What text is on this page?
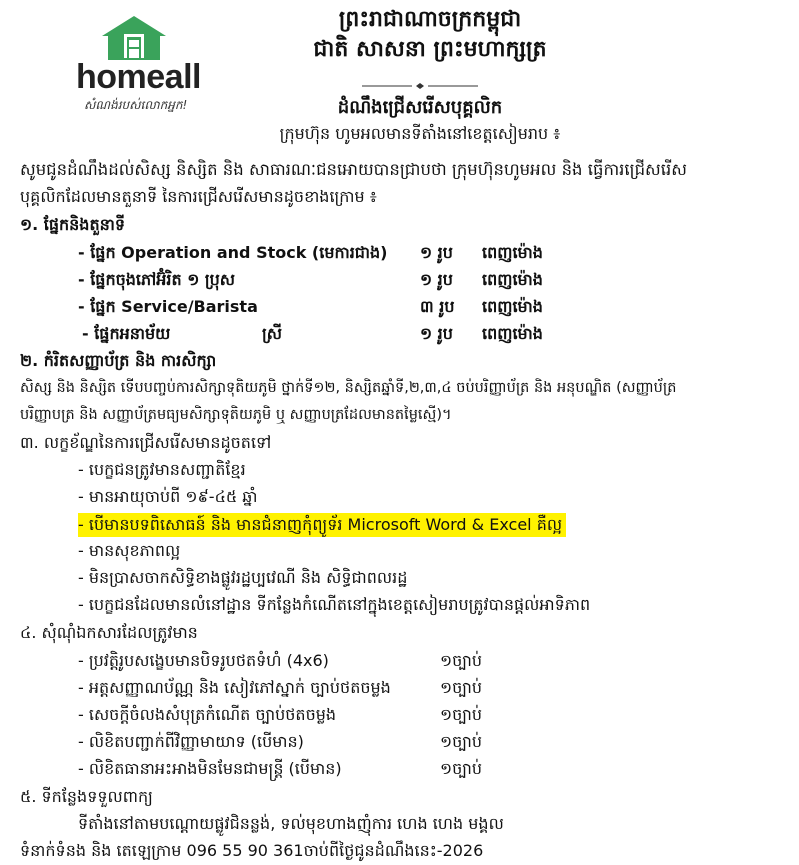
homeall
សំណង់របស់លោកអ្នក!
ព្រះរាជាណាចក្រកម្ពុជា
ជាតិ សាសនា ព្រះមហាក្សត្រ
ដំណឹងជ្រើសរើសបុគ្គលិក
ក្រុមហ៊ុន ហូមអលមានទីតាំងនៅខេត្តសៀមរាប ៖
សូមជូនដំណឹងដល់សិស្ស និស្សិត និង សាធារណៈជនអោយបានជ្រាបថា ក្រុមហ៊ុនហូមអល និង ធ្វើការជ្រើសរើស
បុគ្គលិកដែលមានតួនាទី នៃការជ្រើសរើសមានដូចខាងក្រោម ៖
១. ផ្នែកនិងតួនាទី
- ផ្នែក Operation and Stock (មេការជាង) ១ រូប ពេញម៉ោង
- ផ្នែកចុងភៅអ៊ំរិត ១ ប្រុស	១ រូប ពេញម៉ោង
- ផ្នែក Service/Barista	៣ រូប ពេញម៉ោង
- ផ្នែកអនាម័យ	ស្រី	១ រូប ពេញម៉ោង
២. កំរិតសញ្ញាប័ត្រ និង ការសិក្សា
សិស្ស និង និស្សិត ទើបបញ្ចប់ការសិក្សាទុតិយភូមិ ថ្នាក់ទី១២, និស្សិតឆ្នាំទី,២,៣,៤ ចប់បរិញ្ញាប័ត្រ និង អនុបណ្ឌិត (សញ្ញាប័ត្រ
បរិញ្ញាបត្រ និង សញ្ញាប័ត្រមធ្យមសិក្សាទុតិយភូមិ ឬ សញ្ញាបត្រដែលមានតម្លៃស្មើ)។
៣. លក្ខខ័ណ្ឌនៃការជ្រើសរើសមានដូចតទៅ
- បេក្ខជនត្រូវមានសញ្ជាតិខ្មែរ
- មានអាយុចាប់ពី ១៩-៤៥ ឆ្នាំ
- បើមានបទពិសោធន៍ និង មានជំនាញកុំព្យូទ័រ Microsoft Word & Excel គឺល្អ
- មានសុខភាពល្អ
- មិនប្រាសចាកសិទ្ធិខាងផ្លូវរដ្ឋប្បវេណី និង សិទ្ធិជាពលរដ្ឋ
- បេក្ខជនដែលមានលំនៅដ្ឋាន ទីកន្លែងកំណើតនៅក្នុងខេត្តសៀមរាបត្រូវបានផ្តល់អាទិភាព
៤. សុំណុំឯកសារដែលត្រូវមាន
- ប្រវត្តិរូបសង្ខេបមានបិទរូបថតទំហំ (4x6)	១ច្បាប់
- អត្តសញ្ញាណប័ណ្ណ និង សៀវភៅស្នាក់ ច្បាប់ថតចម្លង	១ច្បាប់
- សេចក្តីចំលងសំបុត្រកំណើត ច្បាប់ថតចម្លង	១ច្បាប់
- លិខិតបញ្ជាក់ពីវិញ្ញាមាយាទ (បើមាន)	១ច្បាប់
- លិខិតធានាអះអាងមិនមែនជាមន្ត្រី (បើមាន)	១ច្បាប់
៥. ទីកន្លែងទទួលពាក្យ
ទីតាំងនៅតាមបណ្តោយផ្លូវជិនន្លង់, ទល់មុខហាងញុំការ ហេង ហេង មង្គល
ទំនាក់ទំនង និង តេឡេក្រាម 096 55 90 361ចាប់ពីថ្ងៃជូនដំណឹងនេះ-2026
